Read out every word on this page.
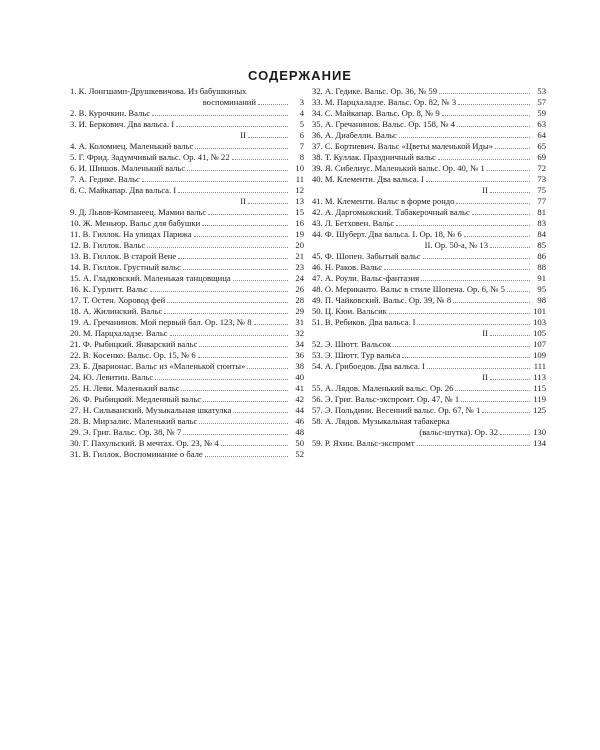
СОДЕРЖАНИЕ
1. К. Лонгшамп-Друшкевичова. Из бабушкиных
воспоминаний	3
2. В. Курочкин. Вальс	4
3. И. Беркович. Два вальса. I	5
II	6
4. А. Коломиец. Маленький вальс	7
5. Г. Фрид. Задумчивый вальс. Ор. 41, № 22	8
6. И. Шишов. Маленький вальс	10
7. А. Гедике. Вальс	11
8. С. Майкапар. Два вальса. I	12
II	13
9. Д. Львов-Компанеец. Мамин вальс	15
10. Ж. Меньюр. Вальс для бабушки	16
11. В. Гиллок. На улицах Парижа	19
12. В. Гиллок. Вальс	20
13. В. Гиллок. В старой Вене	21
14. В. Гиллок. Грустный вальс	23
15. А. Гладковский. Маленькая танцовщица	24
16. К. Гурлитт. Вальс	26
17. Т. Остен. Хоровод фей	28
18. А. Жилинский. Вальс	29
19. А. Гречанинов. Мой первый бал. Ор. 123, № 8	31
20. М. Парцхаладзе. Вальс	32
21. Ф. Рыбицкий. Январский вальс	34
22. В. Косенко. Вальс. Ор. 15, № 6	36
23. Б. Дварионас. Вальс из «Маленькой сюиты»	38
24. Ю. Левитин. Вальс	40
25. Н. Леви. Маленький вальс	41
26. Ф. Рыбицкий. Медленный вальс	42
27. Н. Сильванский. Музыкальная шкатулка	44
28. В. Мирзалис. Маленький вальс	46
29. Э. Григ. Вальс. Ор. 38, № 7	48
30. Г. Пахульский. В мечтах. Ор. 23, № 4	50
31. В. Гиллок. Воспоминание о бале	52
32. А. Гедике. Вальс. Ор. 36, № 59	53
33. М. Парцхаладзе. Вальс. Ор. 82, № 3	57
34. С. Майкапар. Вальс. Ор. 8, № 9	59
35. А. Гречанинов. Вальс. Ор. 158, № 4	63
36. А. Диабелли. Вальс	64
37. С. Бортневич. Вальс «Цветы маленькой Иды»	65
38. Т. Куллак. Праздничный вальс	69
39. Я. Сибелиус. Маленький вальс. Ор. 40, № 1	72
40. М. Клементи. Два вальса. I	73
II	75
41. М. Клементи. Вальс в форме рондо	77
42. А. Даргомыжский. Табакерочный вальс	81
43. Л. Бетховен. Вальс	83
44. Ф. Шуберт. Два вальса. I. Ор. 18, № 6	84
II. Ор. 50-а, № 13	85
45. Ф. Шопен. Забытый вальс	86
46. Н. Раков. Вальс	88
47. А. Роули. Вальс-фантазия	91
48. О. Мериканто. Вальс в стиле Шопена. Ор. 6, № 5	95
49. П. Чайковский. Вальс. Ор. 39, № 8	98
50. Ц. Кюи. Вальсик	101
51. В. Ребиков. Два вальса. I	103
II	105
52. Э. Шютт. Вальсок	107
53. Э. Шютт. Тур вальса	109
54. А. Грибоедов. Два вальса. I	111
II	113
55. А. Лядов. Маленький вальс. Ор. 26	115
56. Э. Григ. Вальс-экспромт. Ор. 47, № 1	119
57. Э. Польдини. Весенний вальс. Ор. 67, № 1	125
58. А. Лядов. Музыкальная табакерка
(вальс-шутка). Ор. 32	130
59. Р. Яхин. Вальс-экспромт	134
